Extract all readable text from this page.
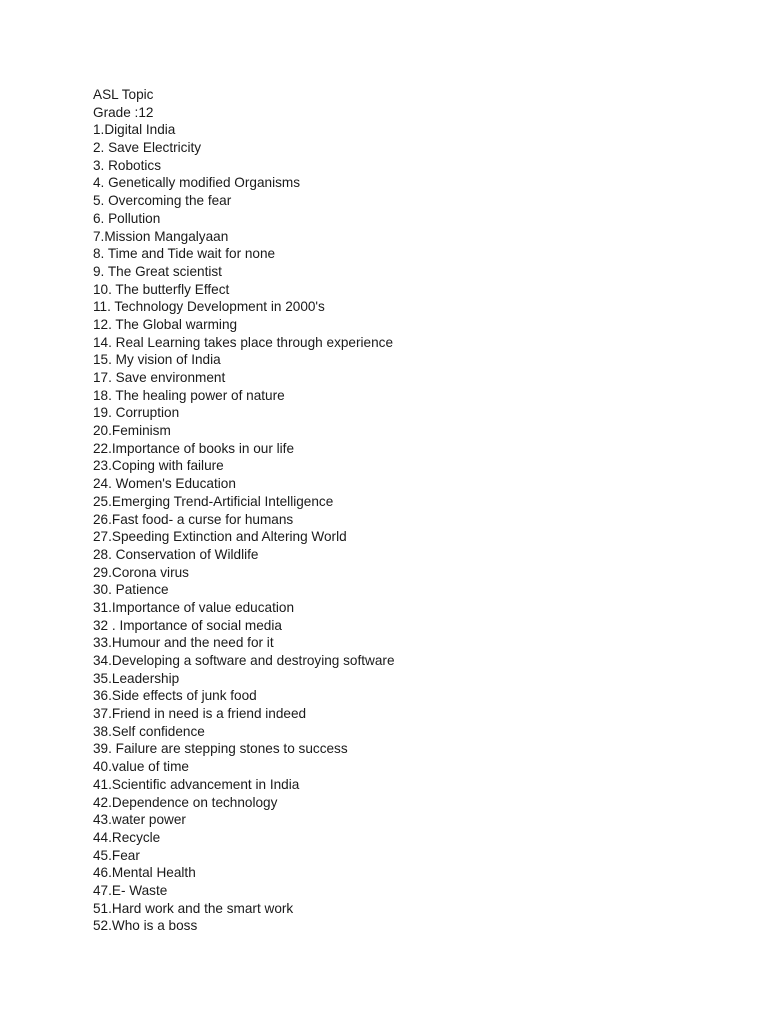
ASL Topic
Grade :12
1.Digital India
2. Save Electricity
3. Robotics
4. Genetically modified Organisms
5. Overcoming the fear
6. Pollution
7.Mission Mangalyaan
8. Time and Tide wait for none
9. The Great scientist
10. The butterfly Effect
11. Technology Development in 2000's
12. The Global warming
14. Real Learning takes place through experience
15. My vision of India
17. Save environment
18. The healing power of nature
19. Corruption
20.Feminism
22.Importance of books in our life
23.Coping with failure
24. Women's Education
25.Emerging Trend-Artificial Intelligence
26.Fast food- a curse for humans
27.Speeding Extinction and Altering World
28. Conservation of Wildlife
29.Corona virus
30. Patience
31.Importance of value education
32 . Importance of social media
33.Humour and the need for it
34.Developing a software and destroying software
35.Leadership
36.Side effects of junk food
37.Friend in need is a friend indeed
38.Self confidence
39. Failure are stepping stones to success
40.value of time
41.Scientific advancement in India
42.Dependence on technology
43.water power
44.Recycle
45.Fear
46.Mental Health
47.E- Waste
51.Hard work and the smart work
52.Who is a boss
